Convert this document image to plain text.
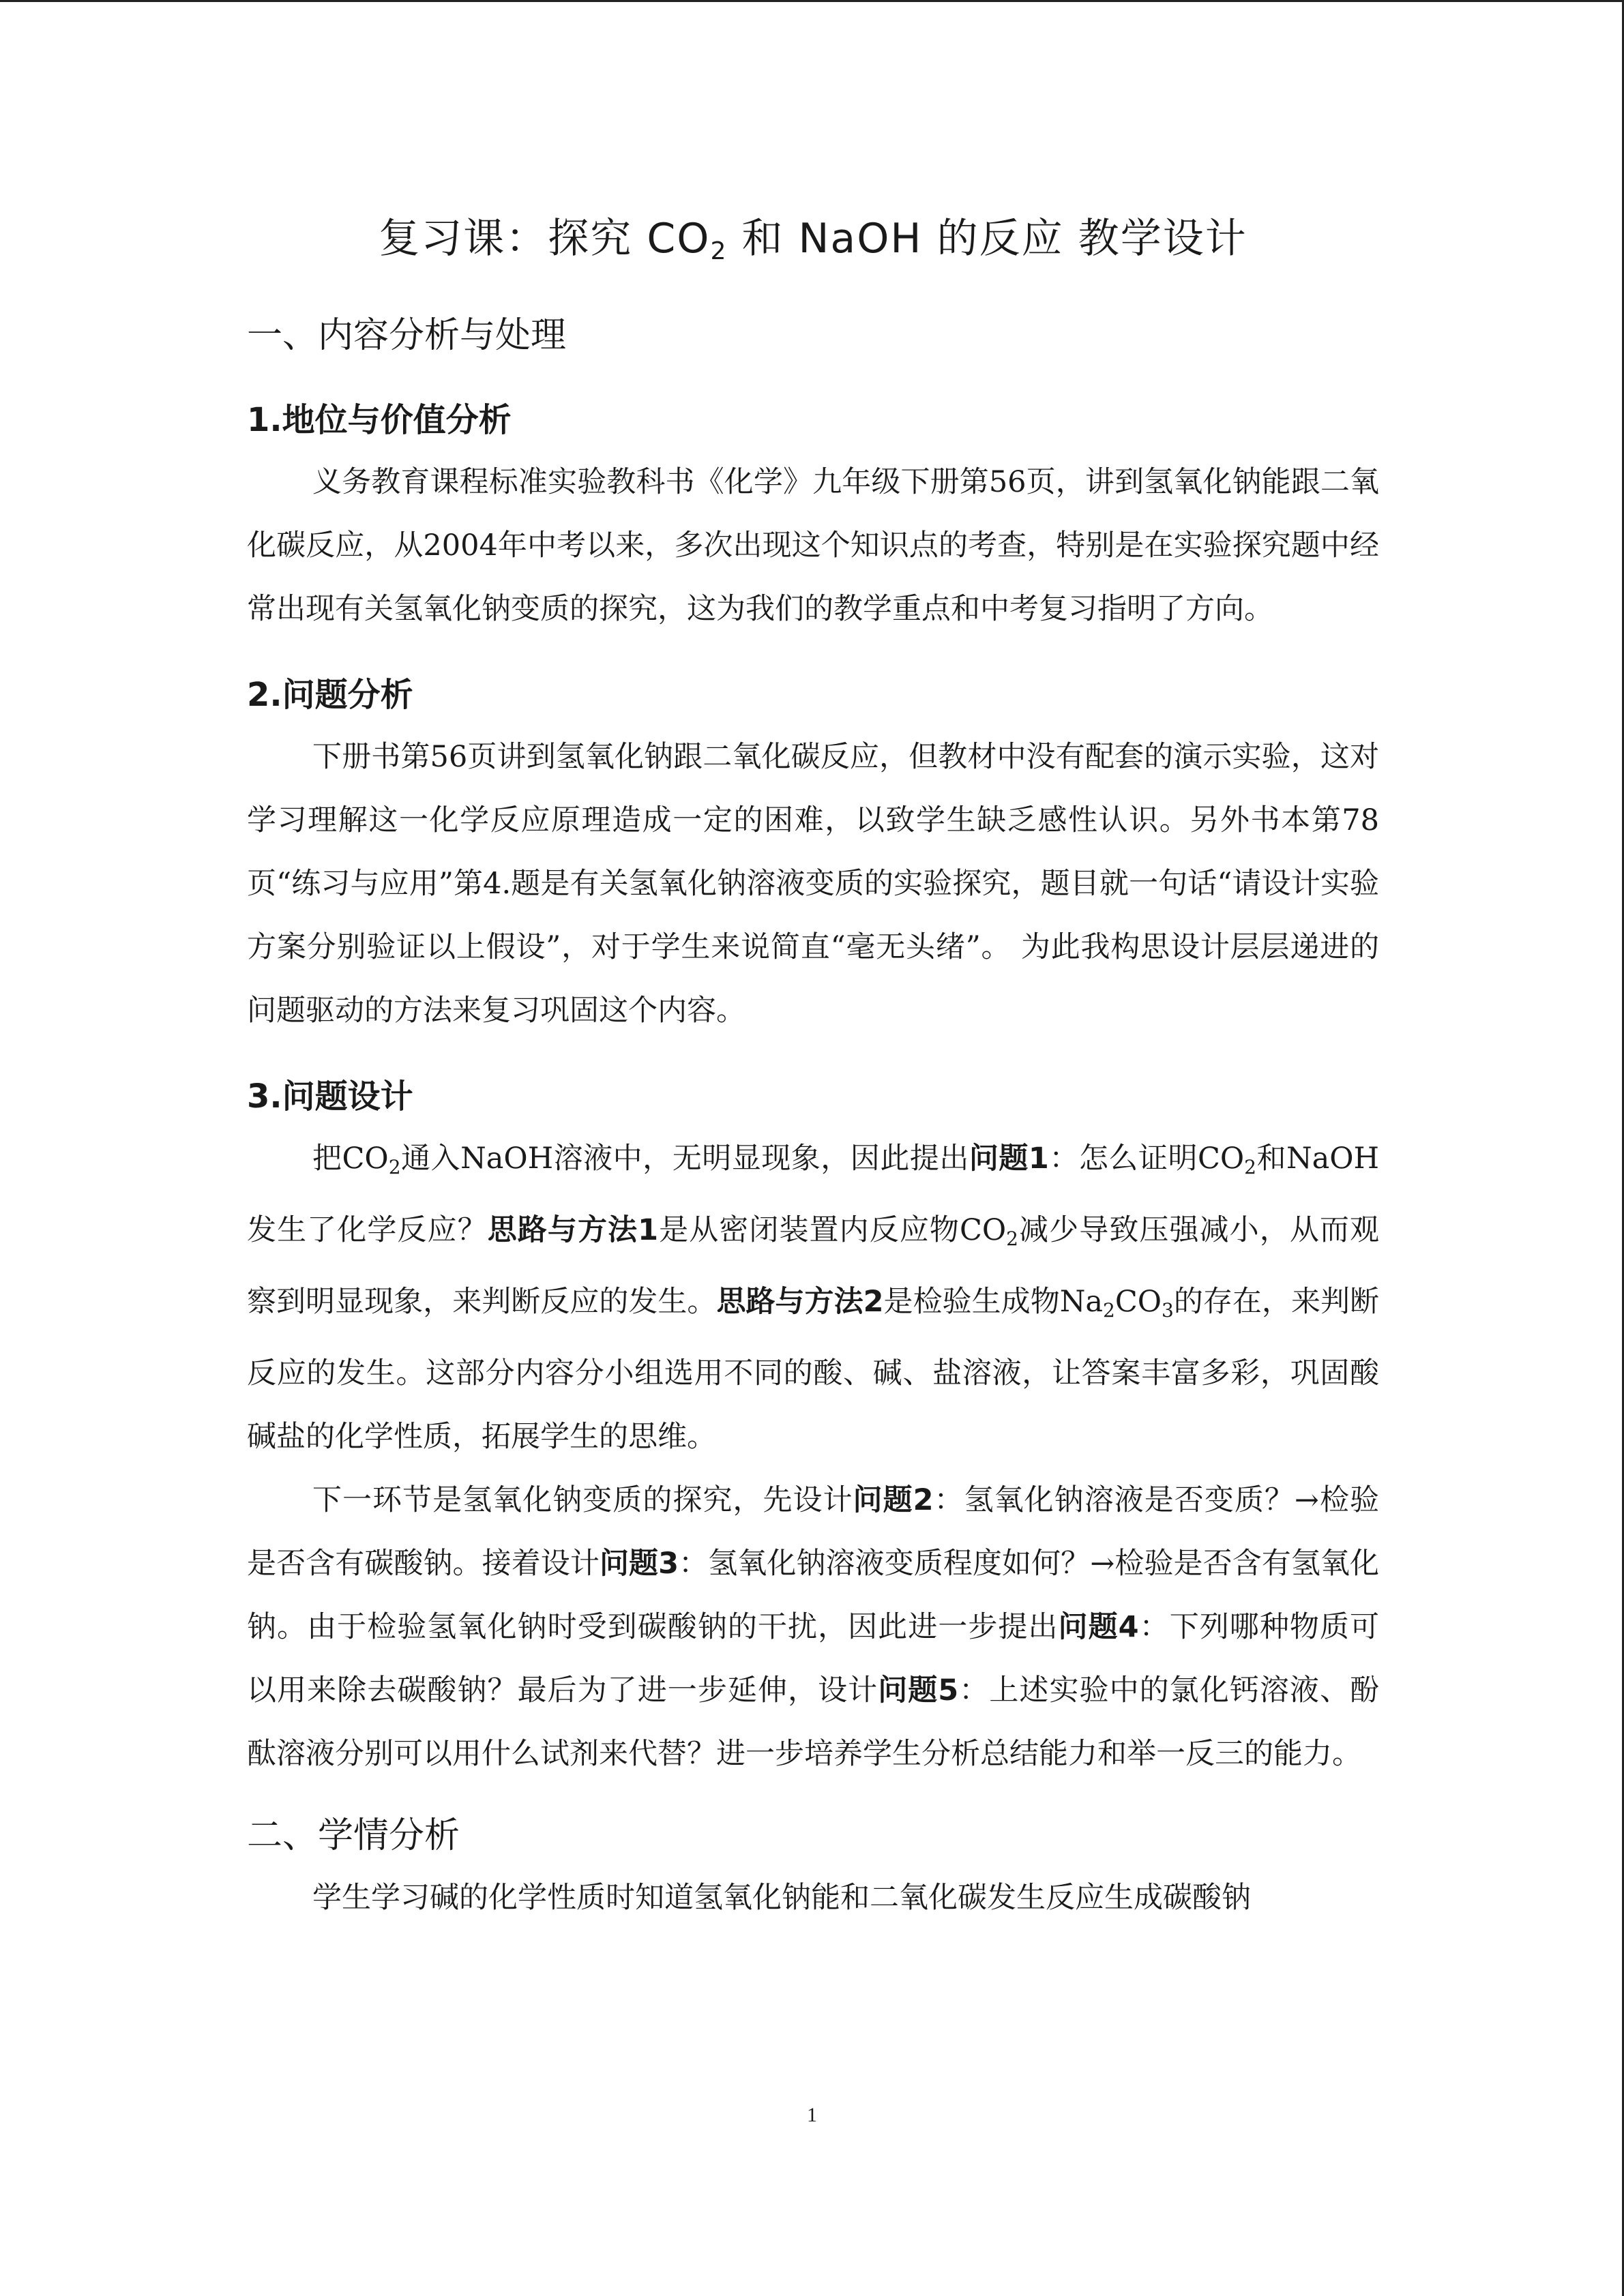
复习课：探究 $CO_2$ 和 NaOH 的反应 教学设计
一、内容分析与处理
1.地位与价值分析

义务教育课程标准实验教科书《化学》九年级下册第56页，讲到氢氧化钠能跟二氧化碳反应，从2004年中考以来，多次出现这个知识点的考查，特别是在实验探究题中经常出现有关氢氧化钠变质的探究，这为我们的教学重点和中考复习指明了方向。

2.问题分析

下册书第56页讲到氢氧化钠跟二氧化碳反应，但教材中没有配套的演示实验，这对学习理解这一化学反应原理造成一定的困难，以致学生缺乏感性认识。另外书本第78页“练习与应用”第4.题是有关氢氧化钠溶液变质的实验探究，题目就一句话“请设计实验方案分别验证以上假设”，对于学生来说简直“毫无头绪”。 为此我构思设计层层递进的问题驱动的方法来复习巩固这个内容。

3.问题设计

把$CO_2$通入NaOH溶液中，无明显现象，因此提出问题1：怎么证明$CO_2$和NaOH发生了化学反应？思路与方法1是从密闭装置内反应物$CO_2$减少导致压强减小，从而观察到明显现象，来判断反应的发生。思路与方法2是检验生成物$Na_2CO_3$的存在，来判断反应的发生。这部分内容分小组选用不同的酸、碱、盐溶液，让答案丰富多彩，巩固酸碱盐的化学性质，拓展学生的思维。

下一环节是氢氧化钠变质的探究，先设计问题2：氢氧化钠溶液是否变质？→检验是否含有碳酸钠。接着设计问题3：氢氧化钠溶液变质程度如何？→检验是否含有氢氧化钠。由于检验氢氧化钠时受到碳酸钠的干扰，因此进一步提出问题4：下列哪种物质可以用来除去碳酸钠？最后为了进一步延伸，设计问题5：上述实验中的氯化钙溶液、酚酞溶液分别可以用什么试剂来代替？进一步培养学生分析总结能力和举一反三的能力。

二、学情分析

学生学习碱的化学性质时知道氢氧化钠能和二氧化碳发生反应生成碳酸钠

1
